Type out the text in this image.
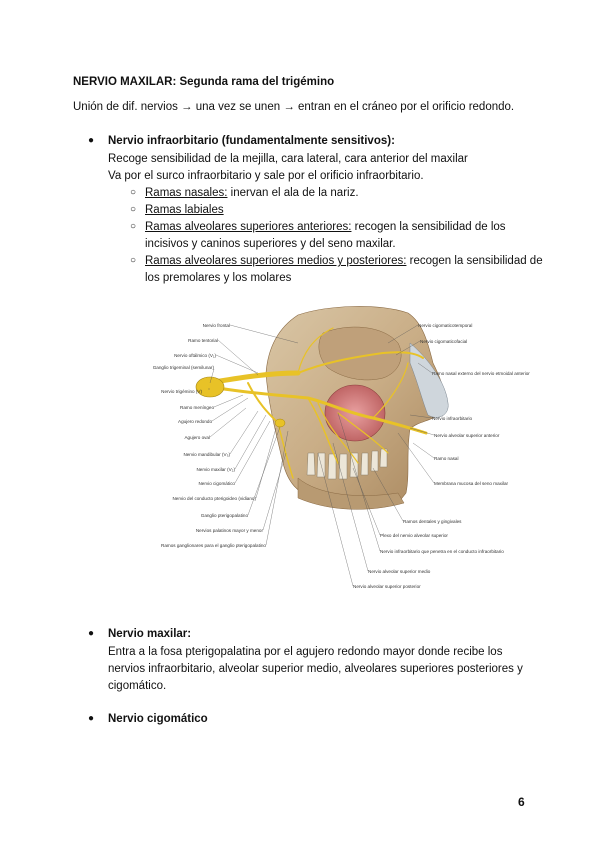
NERVIO MAXILAR: Segunda rama del trigémino
Unión de dif. nervios → una vez se unen → entran en el cráneo por el orificio redondo.
● Nervio infraorbitario (fundamentalmente sensitivos):
Recoge sensibilidad de la mejilla, cara lateral, cara anterior del maxilar
Va por el surco infraorbitario y sale por el orificio infraorbitario.
○ Ramas nasales: inervan el ala de la nariz.
○ Ramas labiales
○ Ramas alveolares superiores anteriores: recogen la sensibilidad de los
incisivos y caninos superiores y del seno maxilar.
○ Ramas alveolares superiores medios y posteriores: recogen la sensibilidad de
los premolares y los molares
Nervio frontal
Ramo tentorial
Nervio oftálmico (V₁)
Ganglio trigeminal (semilunar)
Nervio trigémino (V)
Ramo meníngeo
Agujero redondo
Agujero oval
Nervio mandibular (V₃)
Nervio maxilar (V₂)
Nervio cigomático
Nervio del conducto pterigoideo (vidiano)
Ganglio pterigopalatino
Nervios palatinos mayor y menor
Ramos ganglionares para el ganglio pterigopalatino
Nervio cigomaticotemporal
Nervio cigomaticofacial
Ramo nasal externo del nervio etmoidal anterior
Nervio infraorbitario
Nervio alveolar superior anterior
Ramo nasal
Membrana mucosa del seno maxilar
Ramos dentales y gingivales
Plexo del nervio alveolar superior
Nervio infraorbitario que penetra en el conducto infraorbitario
Nervio alveolar superior medio
Nervio alveolar superior posterior
● Nervio maxilar:
Entra a la fosa pterigopalatina por el agujero redondo mayor donde recibe los
nervios infraorbitario, alveolar superior medio, alveolares superiores posteriores y
cigomático.
● Nervio cigomático
6
